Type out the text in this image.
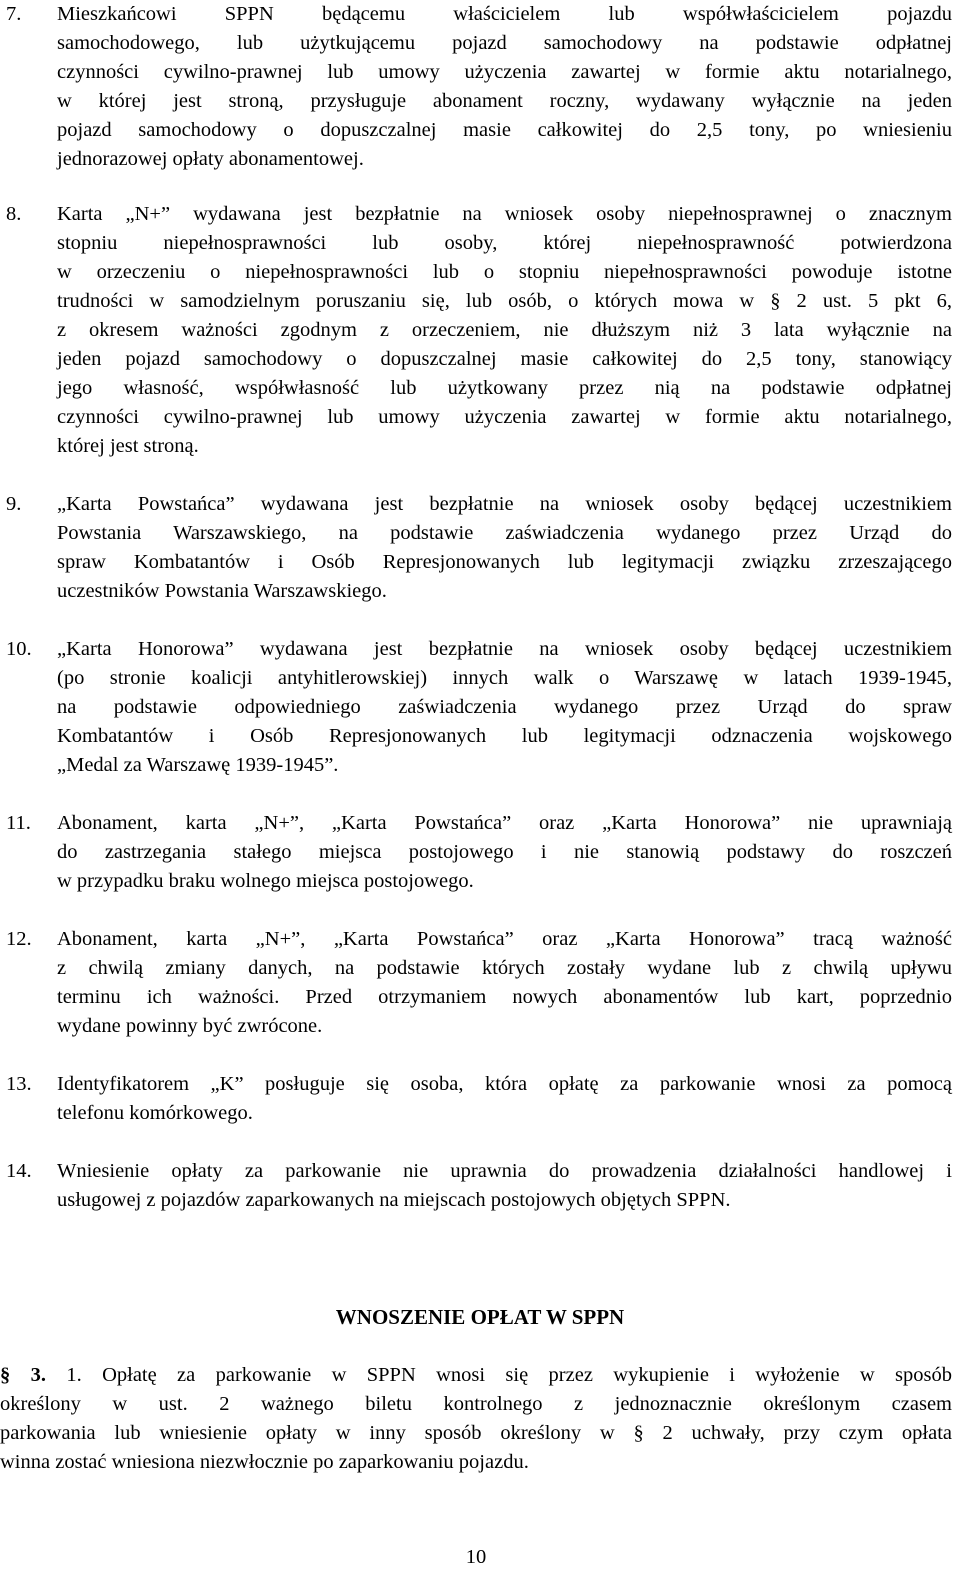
7.	Mieszkańcowi SPPN będącemu właścicielem lub współwłaścicielem pojazdu
samochodowego, lub użytkującemu pojazd samochodowy na podstawie odpłatnej
czynności cywilno-prawnej lub umowy użyczenia zawartej w formie aktu notarialnego,
w której jest stroną, przysługuje abonament roczny, wydawany wyłącznie na jeden
pojazd samochodowy o dopuszczalnej masie całkowitej do 2,5 tony, po wniesieniu
jednorazowej opłaty abonamentowej.
8.	Karta „N+” wydawana jest bezpłatnie na wniosek osoby niepełnosprawnej o znacznym
stopniu niepełnosprawności lub osoby, której niepełnosprawność potwierdzona
w orzeczeniu o niepełnosprawności lub o stopniu niepełnosprawności powoduje istotne
trudności w samodzielnym poruszaniu się, lub osób, o których mowa w § 2 ust. 5 pkt 6,
z okresem ważności zgodnym z orzeczeniem, nie dłuższym niż 3 lata wyłącznie na
jeden pojazd samochodowy o dopuszczalnej masie całkowitej do 2,5 tony, stanowiący
jego własność, współwłasność lub użytkowany przez nią na podstawie odpłatnej
czynności cywilno-prawnej lub umowy użyczenia zawartej w formie aktu notarialnego,
której jest stroną.
9.	„Karta Powstańca” wydawana jest bezpłatnie na wniosek osoby będącej uczestnikiem
Powstania Warszawskiego, na podstawie zaświadczenia wydanego przez Urząd do
spraw Kombatantów i Osób Represjonowanych lub legitymacji związku zrzeszającego
uczestników Powstania Warszawskiego.
10.	„Karta Honorowa” wydawana jest bezpłatnie na wniosek osoby będącej uczestnikiem
(po stronie koalicji antyhitlerowskiej) innych walk o Warszawę w latach 1939-1945,
na podstawie odpowiedniego zaświadczenia wydanego przez Urząd do spraw
Kombatantów i Osób Represjonowanych lub legitymacji odznaczenia wojskowego
„Medal za Warszawę 1939-1945”.
11.	Abonament, karta „N+”, „Karta Powstańca” oraz „Karta Honorowa” nie uprawniają
do zastrzegania stałego miejsca postojowego i nie stanowią podstawy do roszczeń
w przypadku braku wolnego miejsca postojowego.
12.	Abonament, karta „N+”, „Karta Powstańca” oraz „Karta Honorowa” tracą ważność
z chwilą zmiany danych, na podstawie których zostały wydane lub z chwilą upływu
terminu ich ważności. Przed otrzymaniem nowych abonamentów lub kart, poprzednio
wydane powinny być zwrócone.
13.	Identyfikatorem „K” posługuje się osoba, która opłatę za parkowanie wnosi za pomocą
telefonu komórkowego.
14.	Wniesienie opłaty za parkowanie nie uprawnia do prowadzenia działalności handlowej i
usługowej z pojazdów zaparkowanych na miejscach postojowych objętych SPPN.
WNOSZENIE OPŁAT W SPPN
§ 3. 1. Opłatę za parkowanie w SPPN wnosi się przez wykupienie i wyłożenie w sposób
określony w ust. 2 ważnego biletu kontrolnego z jednoznacznie określonym czasem
parkowania lub wniesienie opłaty w inny sposób określony w § 2 uchwały, przy czym opłata
winna zostać wniesiona niezwłocznie po zaparkowaniu pojazdu.
10
